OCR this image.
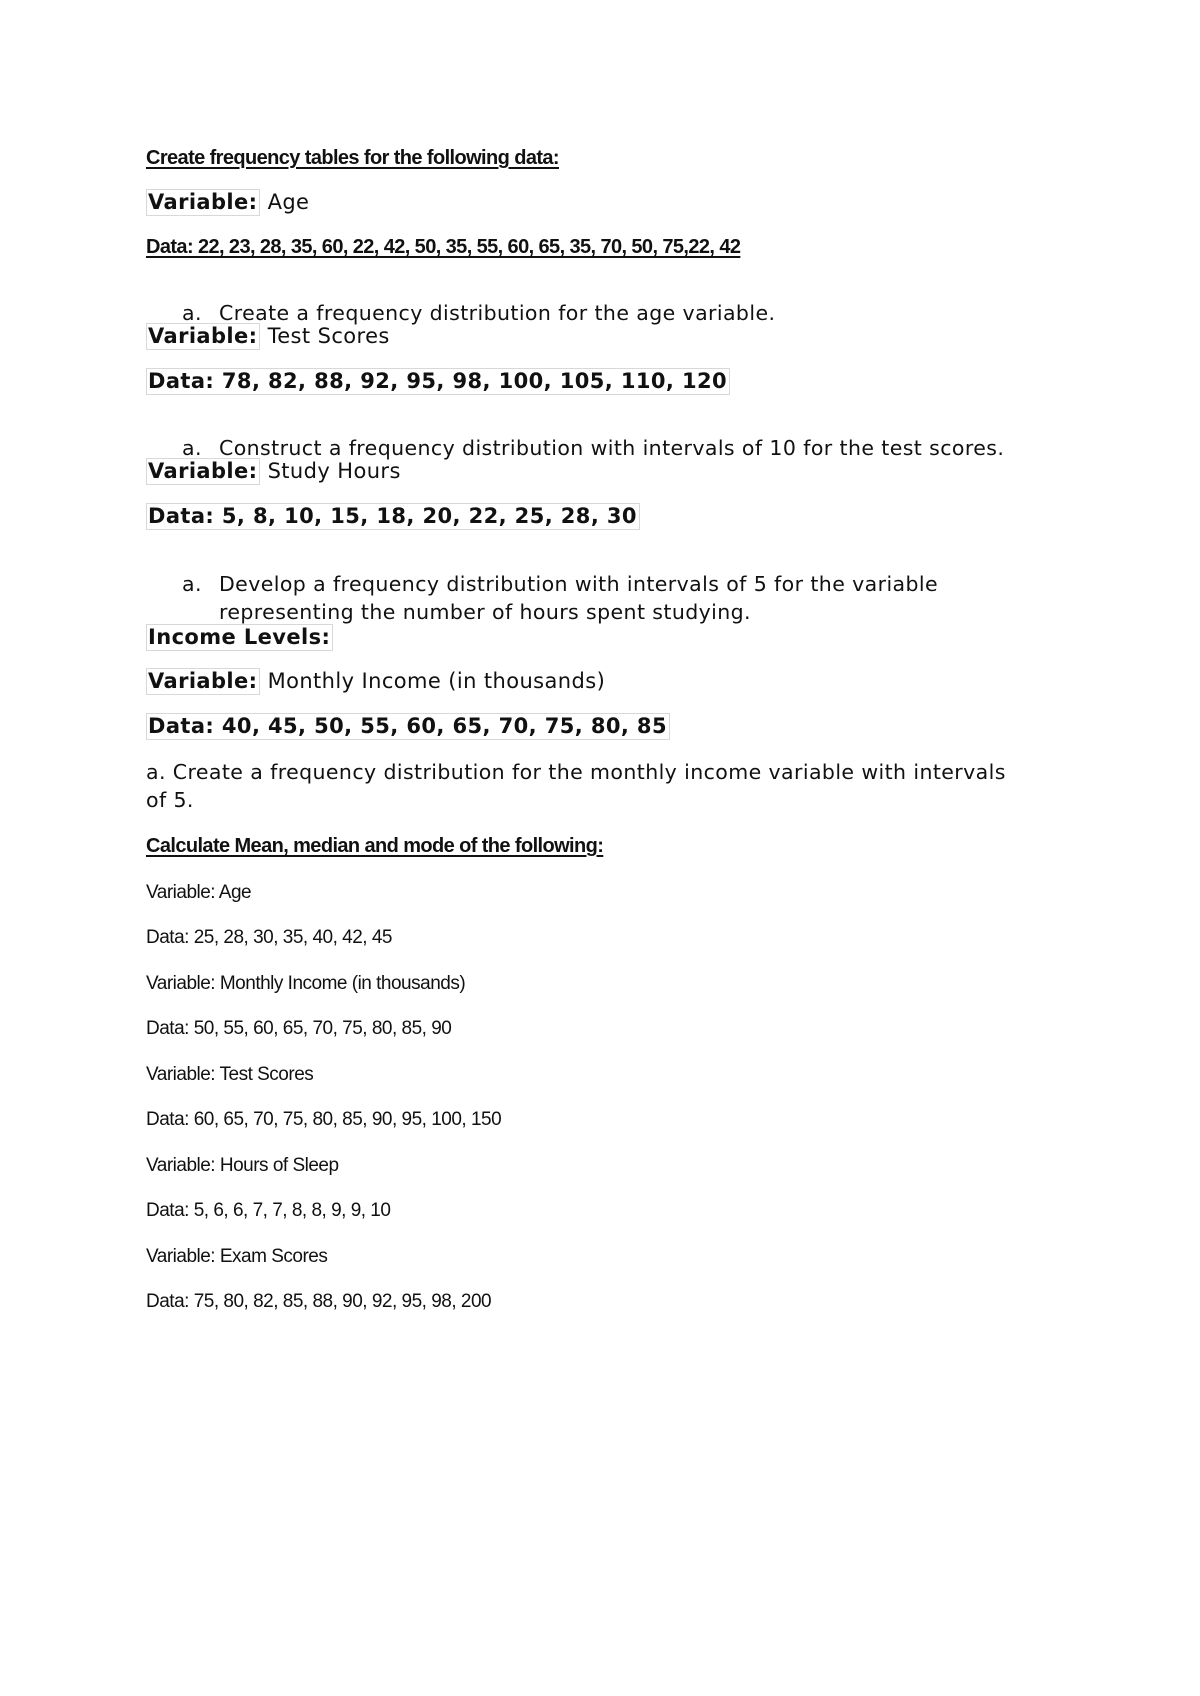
Create frequency tables for the following data:

Variable: Age

Data: 22, 23, 28, 35, 60, 22, 42, 50, 35, 55, 60, 65, 35, 70, 50, 75,22, 42

a. Create a frequency distribution for the age variable.

Variable: Test Scores

Data: 78, 82, 88, 92, 95, 98, 100, 105, 110, 120

a. Construct a frequency distribution with intervals of 10 for the test scores.

Variable: Study Hours

Data: 5, 8, 10, 15, 18, 20, 22, 25, 28, 30

a. Develop a frequency distribution with intervals of 5 for the variable

representing the number of hours spent studying.

Income Levels:

Variable: Monthly Income (in thousands)

Data: 40, 45, 50, 55, 60, 65, 70, 75, 80, 85

a. Create a frequency distribution for the monthly income variable with intervals

of 5.

Calculate Mean, median and mode of the following:

Variable: Age

Data: 25, 28, 30, 35, 40, 42, 45

Variable: Monthly Income (in thousands)

Data: 50, 55, 60, 65, 70, 75, 80, 85, 90

Variable: Test Scores

Data: 60, 65, 70, 75, 80, 85, 90, 95, 100, 150

Variable: Hours of Sleep

Data: 5, 6, 6, 7, 7, 8, 8, 9, 9, 10

Variable: Exam Scores

Data: 75, 80, 82, 85, 88, 90, 92, 95, 98, 200
